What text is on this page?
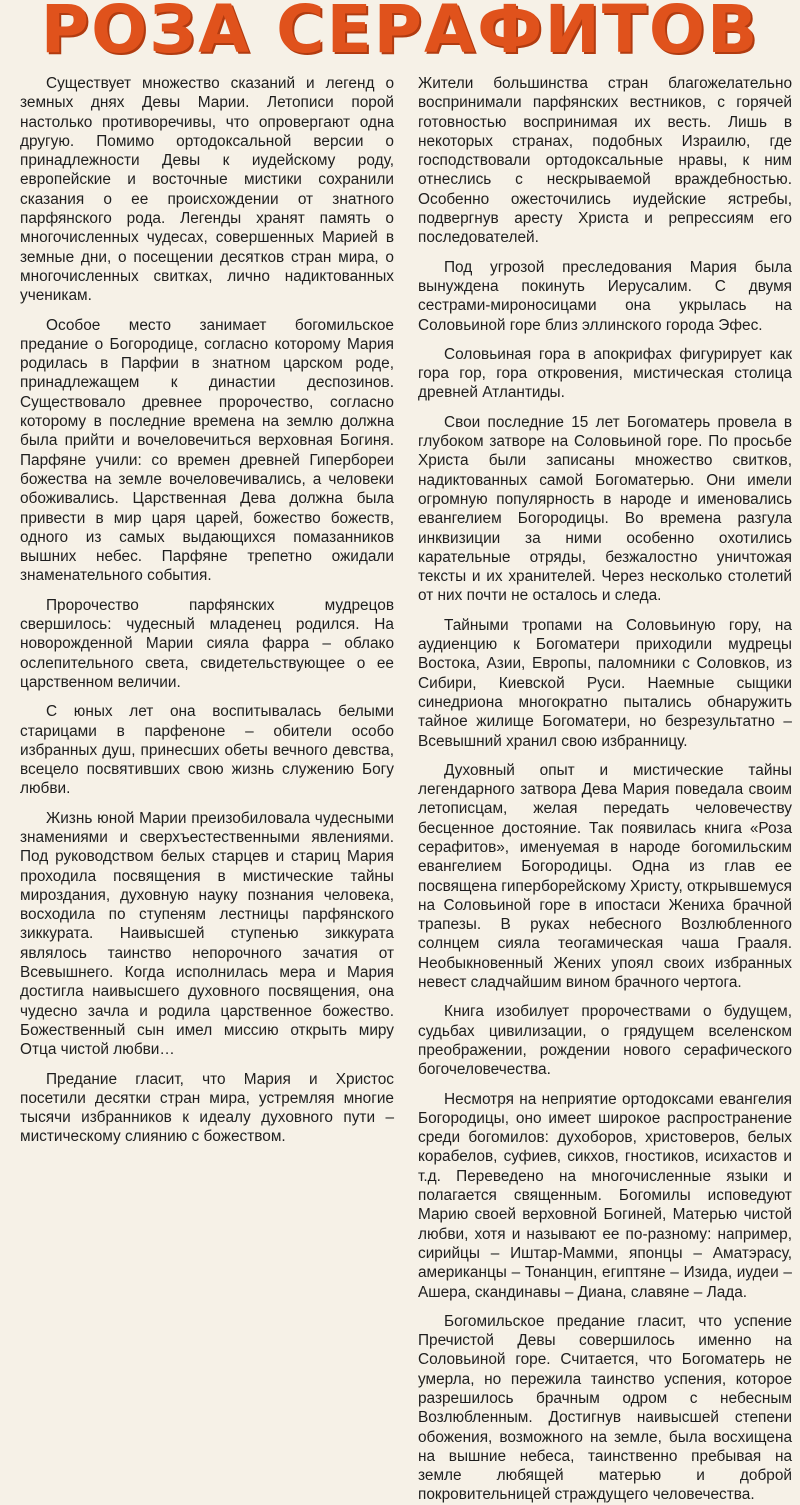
РОЗА СЕРАФИТОВ

Существует множество сказаний и легенд о земных днях Девы Марии. Летописи порой настолько противоречивы, что опровергают одна другую. Помимо ортодоксальной версии о принадлежности Девы к иудейскому роду, европейские и восточные мистики сохранили сказания о ее происхождении от знатного парфянского рода. Легенды хранят память о многочисленных чудесах, совершенных Марией в земные дни, о посещении десятков стран мира, о многочисленных свитках, лично надиктованных ученикам.

Особое место занимает богомильское предание о Богородице, согласно которому Мария родилась в Парфии в знатном царском роде, принадлежащем к династии деспозинов. Существовало древнее пророчество, согласно которому в последние времена на землю должна была прийти и вочеловечиться верховная Богиня. Парфяне учили: со времен древней Гипербореи божества на земле вочеловечивались, а человеки обоживались. Царственная Дева должна была привести в мир царя царей, божество божеств, одного из самых выдающихся помазанников вышних небес. Парфяне трепетно ожидали знаменательного события.

Пророчество парфянских мудрецов свершилось: чудесный младенец родился. На новорожденной Марии сияла фарра – облако ослепительного света, свидетельствующее о ее царственном величии.

С юных лет она воспитывалась белыми старицами в парфеноне – обители особо избранных душ, принесших обеты вечного девства, всецело посвятивших свою жизнь служению Богу любви.

Жизнь юной Марии преизобиловала чудесными знамениями и сверхъестественными явлениями. Под руководством белых старцев и стариц Мария проходила посвящения в мистические тайны мироздания, духовную науку познания человека, восходила по ступеням лестницы парфянского зиккурата. Наивысшей ступенью зиккурата являлось таинство непорочного зачатия от Всевышнего. Когда исполнилась мера и Мария достигла наивысшего духовного посвящения, она чудесно зачла и родила царственное божество. Божественный сын имел миссию открыть миру Отца чистой любви…

Предание гласит, что Мария и Христос посетили десятки стран мира, устремляя многие тысячи избранников к идеалу духовного пути – мистическому слиянию с божеством.

Жители большинства стран благожелательно воспринимали парфянских вестников, с горячей готовностью воспринимая их весть. Лишь в некоторых странах, подобных Израилю, где господствовали ортодоксальные нравы, к ним отнеслись с нескрываемой враждебностью. Особенно ожесточились иудейские ястребы, подвергнув аресту Христа и репрессиям его последователей.

Под угрозой преследования Мария была вынуждена покинуть Иерусалим. С двумя сестрами-мироносицами она укрылась на Соловьиной горе близ эллинского города Эфес.

Соловьиная гора в апокрифах фигурирует как гора гор, гора откровения, мистическая столица древней Атлантиды.

Свои последние 15 лет Богоматерь провела в глубоком затворе на Соловьиной горе. По просьбе Христа были записаны множество свитков, надиктованных самой Богоматерью. Они имели огромную популярность в народе и именовались евангелием Богородицы. Во времена разгула инквизиции за ними особенно охотились карательные отряды, безжалостно уничтожая тексты и их хранителей. Через несколько столетий от них почти не осталось и следа.

Тайными тропами на Соловьиную гору, на аудиенцию к Богоматери приходили мудрецы Востока, Азии, Европы, паломники с Соловков, из Сибири, Киевской Руси. Наемные сыщики синедриона многократно пытались обнаружить тайное жилище Богоматери, но безрезультатно – Всевышний хранил свою избранницу.

Духовный опыт и мистические тайны легендарного затвора Дева Мария поведала своим летописцам, желая передать человечеству бесценное достояние. Так появилась книга «Роза серафитов», именуемая в народе богомильским евангелием Богородицы. Одна из глав ее посвящена гиперборейскому Христу, открывшемуся на Соловьиной горе в ипостаси Жениха брачной трапезы. В руках небесного Возлюбленного солнцем сияла теогамическая чаша Грааля. Необыкновенный Жених упоял своих избранных невест сладчайшим вином брачного чертога.

Книга изобилует пророчествами о будущем, судьбах цивилизации, о грядущем вселенском преображении, рождении нового серафического богочеловечества.

Несмотря на неприятие ортодоксами евангелия Богородицы, оно имеет широкое распространение среди богомилов: духоборов, христоверов, белых корабелов, суфиев, сикхов, гностиков, исихастов и т.д. Переведено на многочисленные языки и полагается священным. Богомилы исповедуют Марию своей верховной Богиней, Матерью чистой любви, хотя и называют ее по-разному: например, сирийцы – Иштар-Мамми, японцы – Аматэрасу, американцы – Тонанцин, египтяне – Изида, иудеи – Ашера, скандинавы – Диана, славяне – Лада.

Богомильское предание гласит, что успение Пречистой Девы совершилось именно на Соловьиной горе. Считается, что Богоматерь не умерла, но пережила таинство успения, которое разрешилось брачным одром с небесным Возлюбленным. Достигнув наивысшей степени обожения, возможного на земле, была восхищена на вышние небеса, таинственно пребывая на земле любящей матерью и доброй покровительницей страждущего человечества.
